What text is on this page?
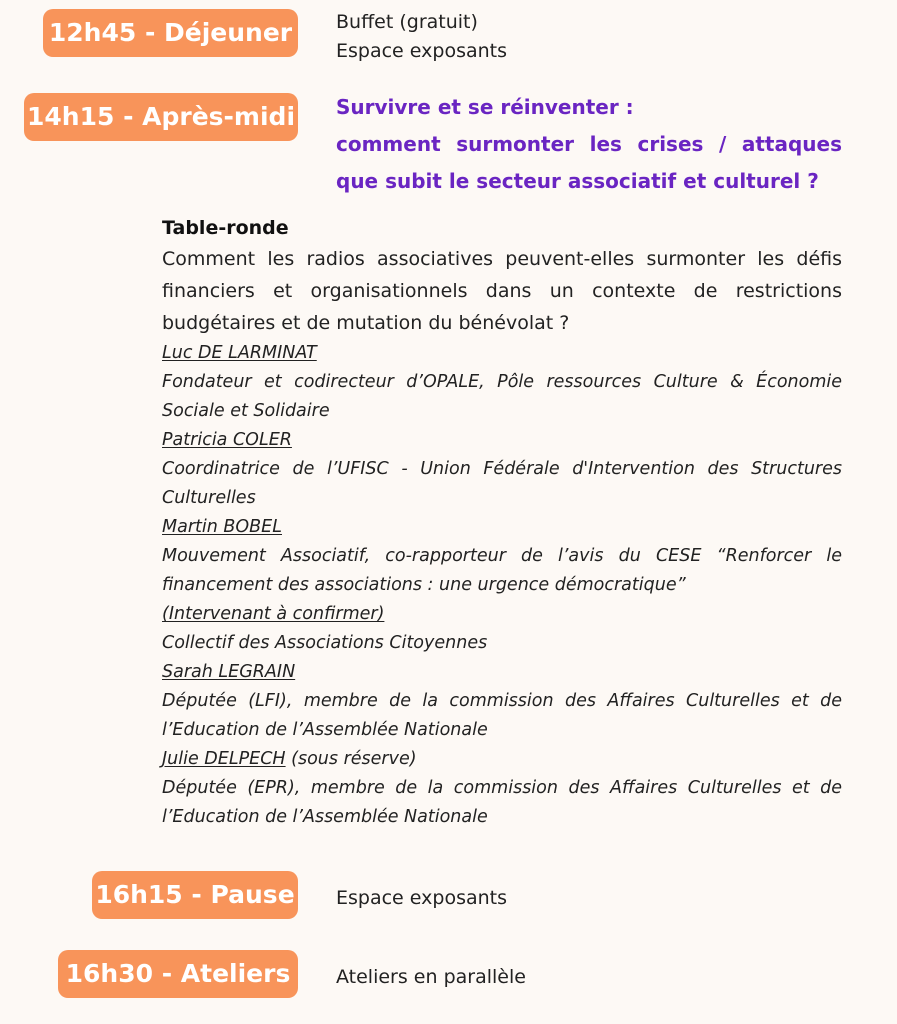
12h45 - Déjeuner	Buffet (gratuit)
Espace exposants
14h15 - Après-midi Survivre et se réinventer :
comment surmonter les crises / attaques
que subit le secteur associatif et culturel ?
Table-ronde
Comment les radios associatives peuvent-elles surmonter les défis financiers et organisationnels dans un contexte de restrictions budgétaires et de mutation du bénévolat ?
Luc DE LARMINAT
Fondateur et codirecteur d’OPALE, Pôle ressources Culture & Économie Sociale et Solidaire
Patricia COLER
Coordinatrice de l’UFISC - Union Fédérale d'Intervention des Structures Culturelles
Martin BOBEL
Mouvement Associatif, co-rapporteur de l’avis du CESE “Renforcer le financement des associations : une urgence démocratique”
(Intervenant à confirmer)
Collectif des Associations Citoyennes
Sarah LEGRAIN
Députée (LFI), membre de la commission des Affaires Culturelles et de l’Education de l’Assemblée Nationale
Julie DELPECH (sous réserve)
Députée (EPR), membre de la commission des Affaires Culturelles et de l’Education de l’Assemblée Nationale
16h15 - Pause Espace exposants
16h30 - Ateliers	Ateliers en parallèle
